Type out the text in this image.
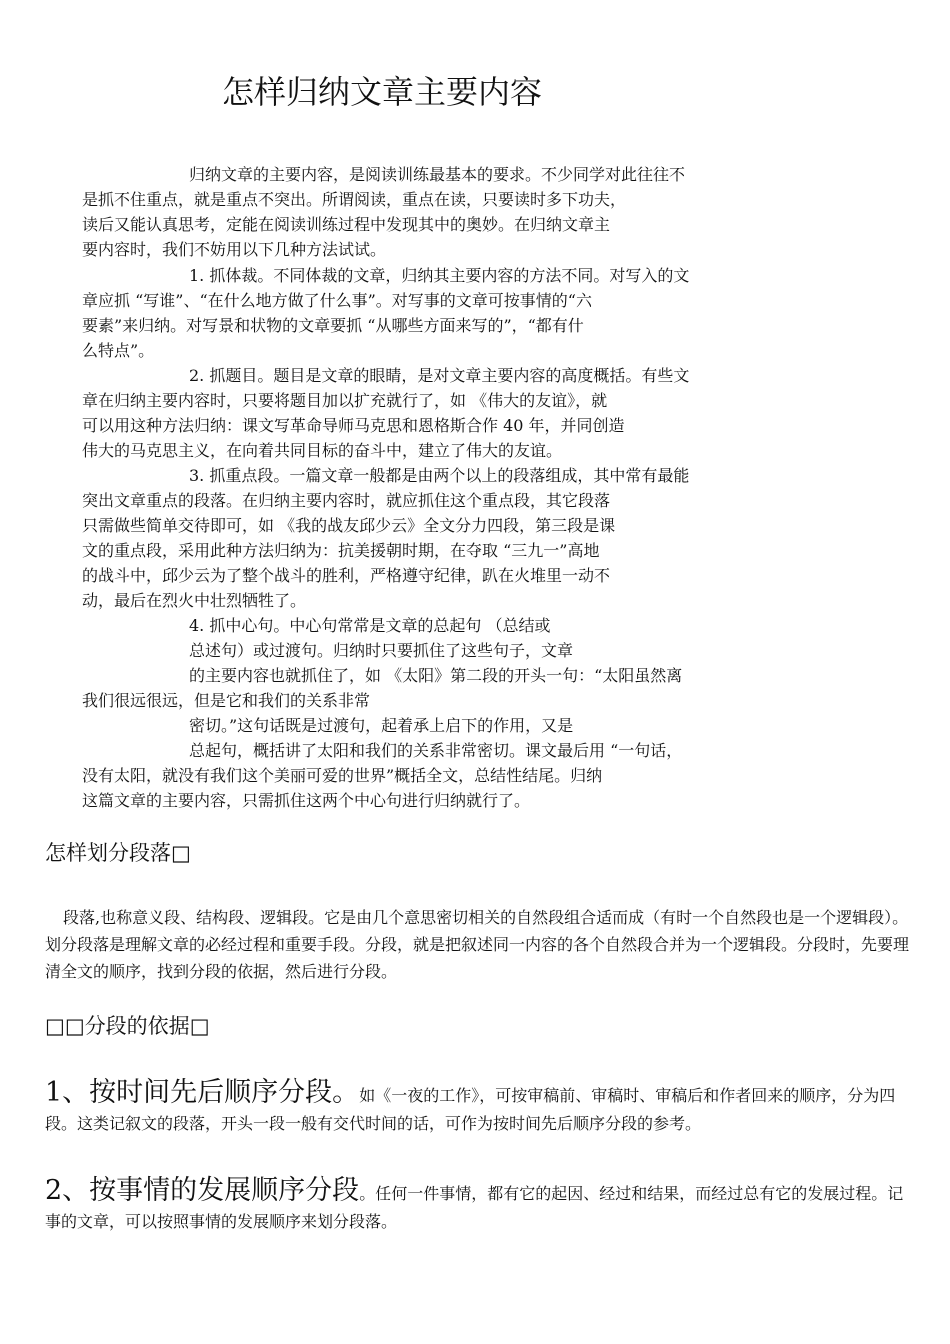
怎样归纳文章主要内容
归纳文章的主要内容，是阅读训练最基本的要求。不少同学对此往往不
是抓不住重点，就是重点不突出。所谓阅读，重点在读，只要读时多下功夫，
读后又能认真思考，定能在阅读训练过程中发现其中的奥妙。在归纳文章主
要内容时，我们不妨用以下几种方法试试。
1. 抓体裁。不同体裁的文章，归纳其主要内容的方法不同。对写入的文
章应抓 “写谁”、“在什么地方做了什么事”。对写事的文章可按事情的“六
要素”来归纳。对写景和状物的文章要抓 “从哪些方面来写的”，“都有什
么特点”。
2. 抓题目。题目是文章的眼睛，是对文章主要内容的高度概括。有些文
章在归纳主要内容时，只要将题目加以扩充就行了，如 《伟大的友谊》，就
可以用这种方法归纳：课文写革命导师马克思和恩格斯合作 40 年，并同创造
伟大的马克思主义，在向着共同目标的奋斗中，建立了伟大的友谊。
3. 抓重点段。一篇文章一般都是由两个以上的段落组成，其中常有最能
突出文章重点的段落。在归纳主要内容时，就应抓住这个重点段，其它段落
只需做些简单交待即可，如 《我的战友邱少云》全文分力四段，第三段是课
文的重点段，采用此种方法归纳为：抗美援朝时期，在夺取 “三九一”高地
的战斗中，邱少云为了整个战斗的胜利，严格遵守纪律，趴在火堆里一动不
动，最后在烈火中壮烈牺牲了。
4. 抓中心句。中心句常常是文章的总起句 （总结或
总述句）或过渡句。归纳时只要抓住了这些句子，文章
的主要内容也就抓住了，如 《太阳》第二段的开头一句：“太阳虽然离
我们很远很远，但是它和我们的关系非常
密切。”这句话既是过渡句，起着承上启下的作用，又是
总起句，概括讲了太阳和我们的关系非常密切。课文最后用 “一句话，
没有太阳，就没有我们这个美丽可爱的世界”概括全文，总结性结尾。归纳
这篇文章的主要内容，只需抓住这两个中心句进行归纳就行了。
怎样划分段落□
段落,也称意义段、结构段、逻辑段。它是由几个意思密切相关的自然段组合适而成（有时一个自然段也是一个逻辑段）。划分段落是理解文章的必经过程和重要手段。分段，就是把叙述同一内容的各个自然段合并为一个逻辑段。分段时，先要理清全文的顺序，找到分段的依据，然后进行分段。
□□分段的依据□
1、按时间先后顺序分段。如《一夜的工作》，可按审稿前、审稿时、审稿后和作者回来的顺序，分为四段。这类记叙文的段落，开头一段一般有交代时间的话，可作为按时间先后顺序分段的参考。
2、按事情的发展顺序分段。任何一件事情，都有它的起因、经过和结果，而经过总有它的发展过程。记事的文章，可以按照事情的发展顺序来划分段落。
